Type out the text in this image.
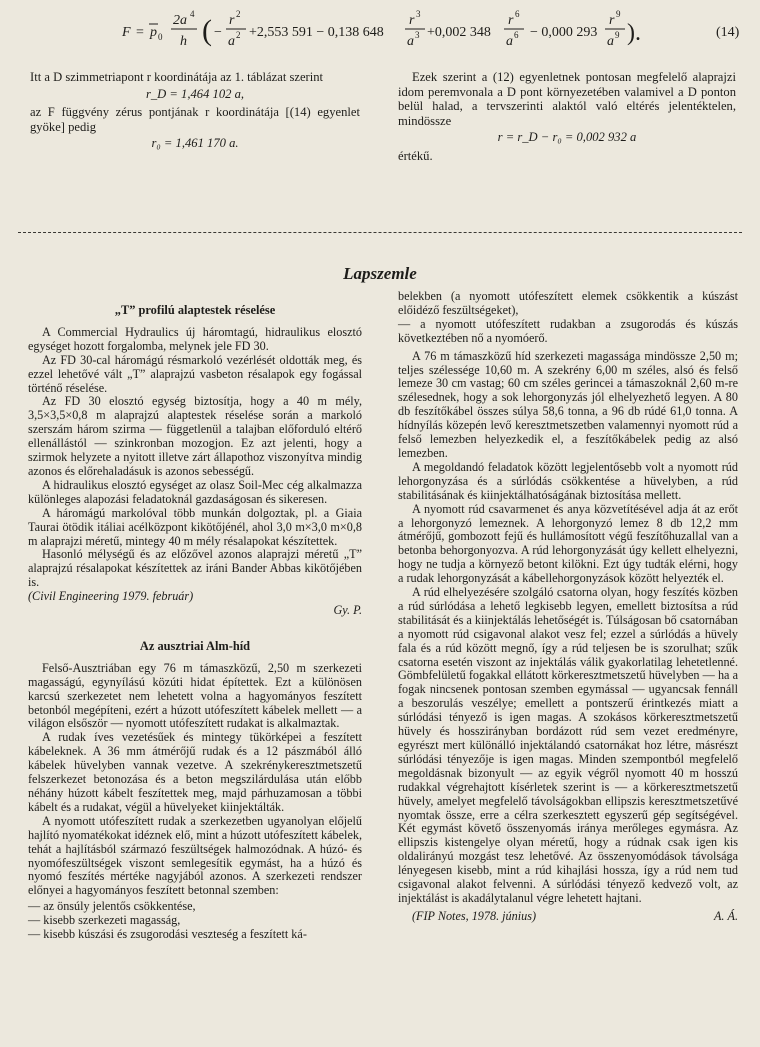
F = p 0
2a 4
h ( −
r 2
a 2 +2,553 591 − 0,138 648
r 3
a 3 +0,002 348
r 6
a 6 − 0,000 293
r 9
a 9 ).	(14)

Itt a D szimmetriapont r koordinátája az 1. táblázat szerint

r_D = 1,464 102 a,

az F függvény zérus pontjának r koordinátája [(14) egyenlet gyöke] pedig

r₀ = 1,461 170 a.

Ezek szerint a (12) egyenletnek pontosan megfelelő alaprajzi idom peremvonala a D pont környezetében valamivel a D ponton belül halad, a tervszerinti alaktól való eltérés jelentéktelen, mindössze

r = r_D − r₀ = 0,002 932 a

értékű.

Lapszemle
„T” profilú alaptestek réselése

A Commercial Hydraulics új háromtagú, hidraulikus elosztó egységet hozott forgalomba, melynek jele FD 30.

Az FD 30-cal háromágú résmarkoló vezérlését oldották meg, és ezzel lehetővé vált „T” alaprajzú vasbeton résalapok egy fogással történő réselése.

Az FD 30 elosztó egység biztosítja, hogy a 40 m mély, 3,5×3,5×0,8 m alaprajzú alaptestek réselése során a markoló szerszám három szirma — függetlenül a talajban előforduló eltérő ellenállástól — szinkronban mozogjon. Ez azt jelenti, hogy a szirmok helyzete a nyitott illetve zárt állapothoz viszonyítva mindig azonos és előrehaladásuk is azonos sebességű.

A hidraulikus elosztó egységet az olasz Soil-Mec cég alkalmazza különleges alapozási feladatoknál gazdaságosan és sikeresen.

A háromágú markolóval több munkán dolgoztak, pl. a Giaia Taurai ötödik itáliai acélközpont kikötőjénél, ahol 3,0 m×3,0 m×0,8 m alaprajzi méretű, mintegy 40 m mély résalapokat készítettek.

Hasonló mélységű és az előzővel azonos alaprajzi méretű „T” alaprajzú résalapokat készítettek az iráni Bander Abbas kikötőjében is.

(Civil Engineering 1979. február)

Gy. P.
Az ausztriai Alm-híd

Felső-Ausztriában egy 76 m támaszközű, 2,50 m szerkezeti magasságú, egynyílású közúti hidat építettek. Ezt a különösen karcsú szerkezetet nem lehetett volna a hagyományos feszített betonból megépíteni, ezért a húzott utófeszített kábelek mellett — a világon elsőször — nyomott utófeszített rudakat is alkalmaztak.

A rudak íves vezetésűek és mintegy tükörképei a feszített kábeleknek. A 36 mm átmérőjű rudak és a 12 pászmából álló kábelek hüvelyben vannak vezetve. A szekrénykeresztmetszetű felszerkezet betonozása és a beton megszilárdulása után előbb néhány húzott kábelt feszítettek meg, majd párhuzamosan a többi kábelt és a rudakat, végül a hüvelyeket kiinjektálták.

A nyomott utófeszített rudak a szerkezetben ugyanolyan előjelű hajlító nyomatékokat idéznek elő, mint a húzott utófeszített kábelek, tehát a hajlításból származó feszültségek halmozódnak. A húzó- és nyomófeszültségek viszont semlegesítik egymást, ha a húzó és nyomó feszítés mértéke nagyjából azonos. A szerkezeti rendszer előnyei a hagyományos feszített betonnal szemben:

— az önsúly jelentős csökkentése,

— kisebb szerkezeti magasság,

— kisebb kúszási és zsugorodási veszteség a feszített ká-

belekben (a nyomott utófeszített elemek csökkentik a kúszást előidéző feszültségeket),

— a nyomott utófeszített rudakban a zsugorodás és kúszás következtében nő a nyomóerő.

A 76 m támaszközű híd szerkezeti magassága mindössze 2,50 m; teljes szélessége 10,60 m. A szekrény 6,00 m széles, alsó és felső lemeze 30 cm vastag; 60 cm széles gerincei a támaszoknál 2,60 m-re szélesednek, hogy a sok lehorgonyzás jól elhelyezhető legyen. A 80 db feszítőkábel összes súlya 58,6 tonna, a 96 db rúdé 61,0 tonna. A hídnyílás közepén levő keresztmetszetben valamennyi nyomott rúd a felső lemezben helyezkedik el, a feszítőkábelek pedig az alsó lemezben.

A megoldandó feladatok között legjelentősebb volt a nyomott rúd lehorgonyzása és a súrlódás csökkentése a hüvelyben, a rúd stabilitásának és kiinjektálhatóságának biztosítása mellett.

A nyomott rúd csavarmenet és anya közvetítésével adja át az erőt a lehorgonyzó lemeznek. A lehorgonyzó lemez 8 db 12,2 mm átmérőjű, gombozott fejű és hullámosított végű feszítőhuzallal van a betonba behorgonyozva. A rúd lehorgonyzását úgy kellett elhelyezni, hogy ne tudja a környező betont kilökni. Ezt úgy tudták elérni, hogy a rudak lehorgonyzását a kábellehorgonyzások között helyezték el.

A rúd elhelyezésére szolgáló csatorna olyan, hogy feszítés közben a rúd súrlódása a lehető legkisebb legyen, emellett biztosítsa a rúd stabilitását és a kiinjektálás lehetőségét is. Túlságosan bő csatornában a nyomott rúd csigavonal alakot vesz fel; ezzel a súrlódás a hüvely fala és a rúd között megnő, így a rúd teljesen be is szorulhat; szűk csatorna esetén viszont az injektálás válik gyakorlatilag lehetetlenné. Gömbfelületű fogakkal ellátott körkeresztmetszetű hüvelyben — ha a fogak nincsenek pontosan szemben egymással — ugyancsak fennáll a beszorulás veszélye; emellett a pontszerű érintkezés miatt a súrlódási tényező is igen magas. A szokásos körkeresztmetszetű hüvely és hosszirányban bordázott rúd sem vezet eredményre, egyrészt mert különálló injektálandó csatornákat hoz létre, másrészt súrlódási tényezője is igen magas. Minden szempontból megfelelő megoldásnak bizonyult — az egyik végről nyomott 40 m hosszú rudakkal végrehajtott kísérletek szerint is — a körkeresztmetszetű hüvely, amelyet megfelelő távolságokban ellipszis keresztmetszetűvé nyomtak össze, erre a célra szerkesztett egyszerű gép segítségével. Két egymást követő összenyomás iránya merőleges egymásra. Az ellipszis kistengelye olyan méretű, hogy a rúdnak csak igen kis oldalirányú mozgást tesz lehetővé. Az összenyomódások távolsága lényegesen kisebb, mint a rúd kihajlási hossza, így a rúd nem tud csigavonal alakot felvenni. A súrlódási tényező kedvező volt, az injektálást is akadálytalanul végre lehetett hajtani.

(FIP Notes, 1978. június)	A. Á.
